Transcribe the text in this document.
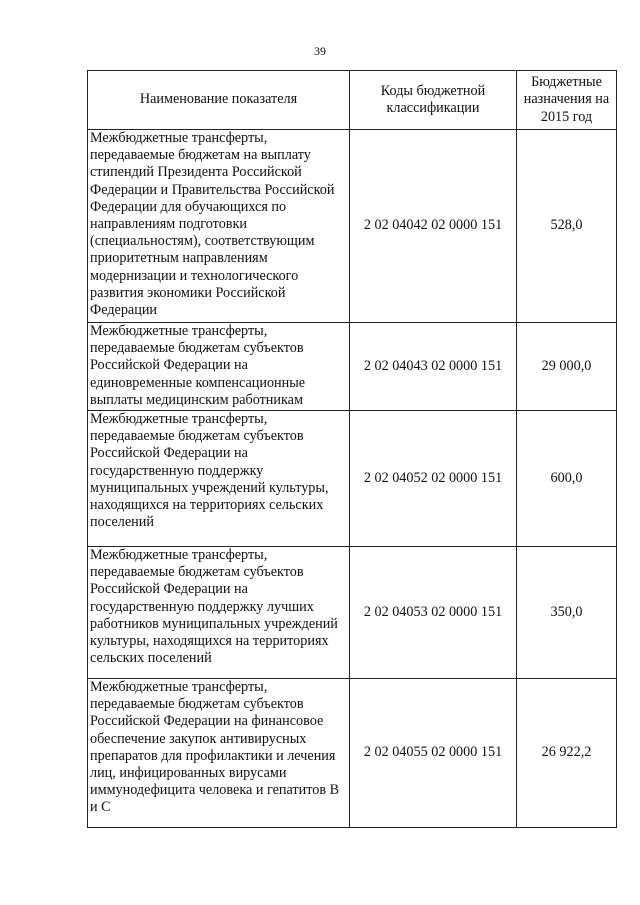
39
Наименование показателя	Коды бюджетной классификации	Бюджетные назначения на 2015 год
Межбюджетные трансферты, передаваемые бюджетам на выплату стипендий Президента Российской Федерации и Правительства Российской Федерации для обучающихся по направлениям подготовки (специальностям), соответствующим приоритетным направлениям модернизации и технологического развития экономики Российской Федерации	2 02 04042 02 0000 151	528,0
Межбюджетные трансферты, передаваемые бюджетам субъектов Российской Федерации на единовременные компенсационные выплаты медицинским работникам	2 02 04043 02 0000 151	29 000,0
Межбюджетные трансферты, передаваемые бюджетам субъектов Российской Федерации на государственную поддержку муниципальных учреждений культуры, находящихся на территориях сельских поселений	2 02 04052 02 0000 151	600,0
Межбюджетные трансферты, передаваемые бюджетам субъектов Российской Федерации на государственную поддержку лучших работников муниципальных учреждений культуры, находящихся на территориях сельских поселений	2 02 04053 02 0000 151	350,0
Межбюджетные трансферты, передаваемые бюджетам субъектов Российской Федерации на финансовое обеспечение закупок антивирусных препаратов для профилактики и лечения лиц, инфицированных вирусами иммунодефицита человека и гепатитов В и С	2 02 04055 02 0000 151	26 922,2
